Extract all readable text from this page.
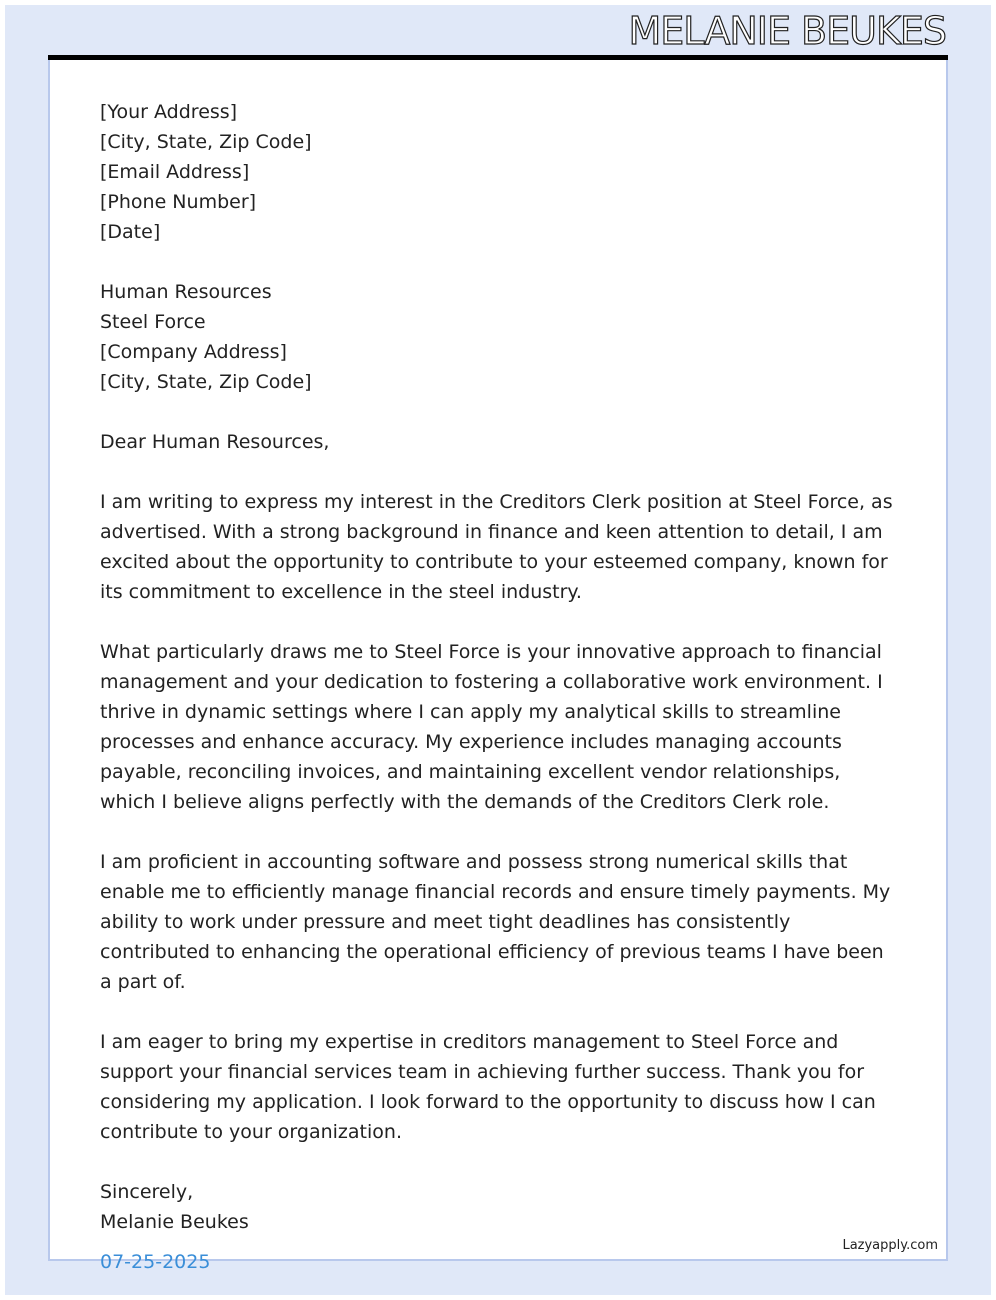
MELANIE BEUKES
[Your Address]
[City, State, Zip Code]
[Email Address]
[Phone Number]
[Date]
Human Resources
Steel Force
[Company Address]
[City, State, Zip Code]
Dear Human Resources,

I am writing to express my interest in the Creditors Clerk position at Steel Force, as advertised. With a strong background in finance and keen attention to detail, I am excited about the opportunity to contribute to your esteemed company, known for its commitment to excellence in the steel industry.

What particularly draws me to Steel Force is your innovative approach to financial management and your dedication to fostering a collaborative work environment. I thrive in dynamic settings where I can apply my analytical skills to streamline processes and enhance accuracy. My experience includes managing accounts payable, reconciling invoices, and maintaining excellent vendor relationships, which I believe aligns perfectly with the demands of the Creditors Clerk role.

I am proficient in accounting software and possess strong numerical skills that enable me to efficiently manage financial records and ensure timely payments. My ability to work under pressure and meet tight deadlines has consistently contributed to enhancing the operational efficiency of previous teams I have been a part of.

I am eager to bring my expertise in creditors management to Steel Force and support your financial services team in achieving further success. Thank you for considering my application. I look forward to the opportunity to discuss how I can contribute to your organization.

Sincerely,
Melanie Beukes
07-25-2025
Lazyapply.com
